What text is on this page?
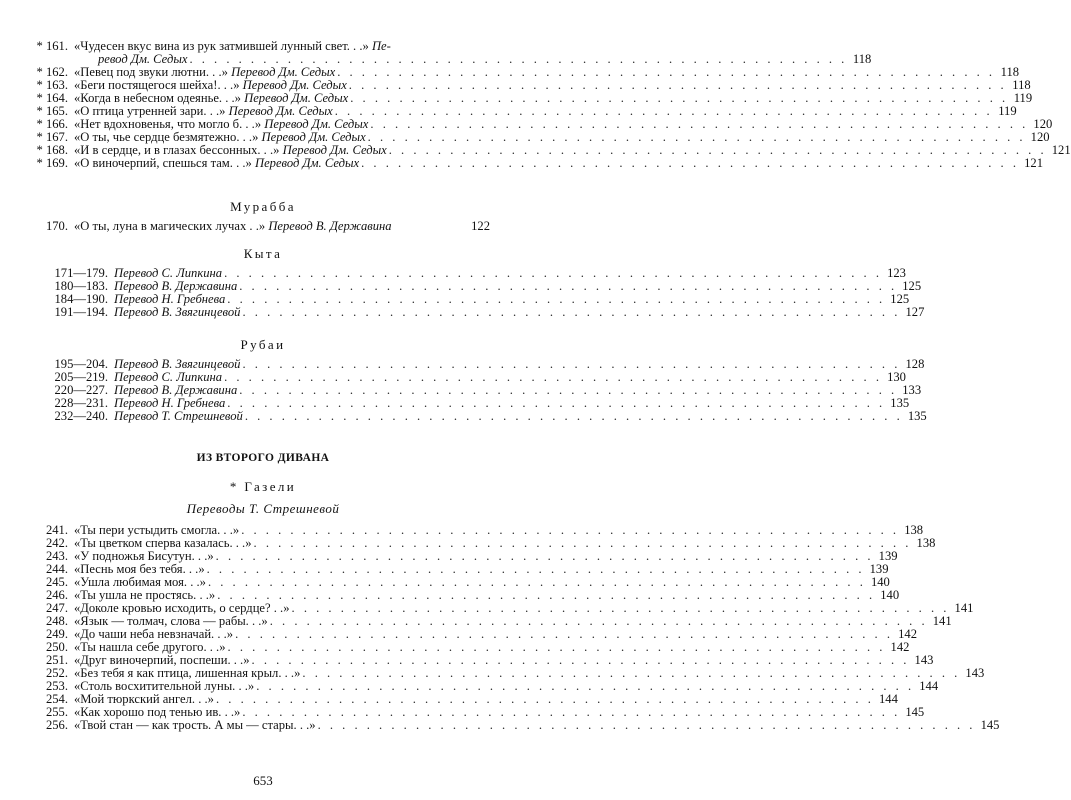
* 161. «Чудесен вкус вина из рук затмившей лунный свет. . .» Пе-
ревод Дм. Седых . . .	118
* 162. «Певец под звуки лютни. . .» Перевод Дм. Седых . . .	118
* 163. «Беги постящегося шейха!. . .» Перевод Дм. Седых . . .	118
* 164. «Когда в небесном одеянье. . .» Перевод Дм. Седых . . .	119
* 165. «О птица утренней зари. . .» Перевод Дм. Седых . . .	119
* 166. «Нет вдохновенья, что могло б. . .» Перевод Дм. Седых . . .	120
* 167. «О ты, чье сердце безмятежно. . .» Перевод Дм. Седых . . .	120
* 168. «И в сердце, и в глазах бессонных. . .» Перевод Дм. Седых . . .	121
* 169. «О виночерпий, спешься там. . .» Перевод Дм. Седых . . .	121
Мурабба
170. «О ты, луна в магических лучах . .» Перевод В. Державина	122
Кыта
171—179. Перевод С. Липкина . . .	123
180—183. Перевод В. Державина . . .	125
184—190. Перевод Н. Гребнева . . .	125
191—194. Перевод В. Звягинцевой . . .	127
Рубаи
195—204. Перевод В. Звягинцевой . . .	128
205—219. Перевод С. Липкина . . .	130
220—227. Перевод В. Державина . . .	133
228—231. Перевод Н. Гребнева . . .	135
232—240. Перевод Т. Стрешневой . . .	135
ИЗ ВТОРОГО ДИВАНА
* Газели
Переводы Т. Стрешневой
241. «Ты пери устыдить смогла. . .» . . .	138
242. «Ты цветком сперва казалась. . .» . . .	138
243. «У подножья Бисутун. . .» . . .	139
244. «Песнь моя без тебя. . .» . . .	139
245. «Ушла любимая моя. . .» . . .	140
246. «Ты ушла не простясь. . .» . . .	140
247. «Доколе кровью исходить, о сердце? . .» . . .	141
248. «Язык — толмач, слова — рабы. . .» . . .	141
249. «До чаши неба невзначай. . .» . . .	142
250. «Ты нашла себе другого. . .» . . .	142
251. «Друг виночерпий, поспеши. . .» . . .	143
252. «Без тебя я как птица, лишенная крыл. . .» . . .	143
253. «Столь восхитительной луны. . .» . . .	144
254. «Мой тюркский ангел. . .» . . .	144
255. «Как хорошо под тенью ив. . .» . . .	145
256. «Твой стан — как трость. А мы — стары. . .» . . .	145
653
